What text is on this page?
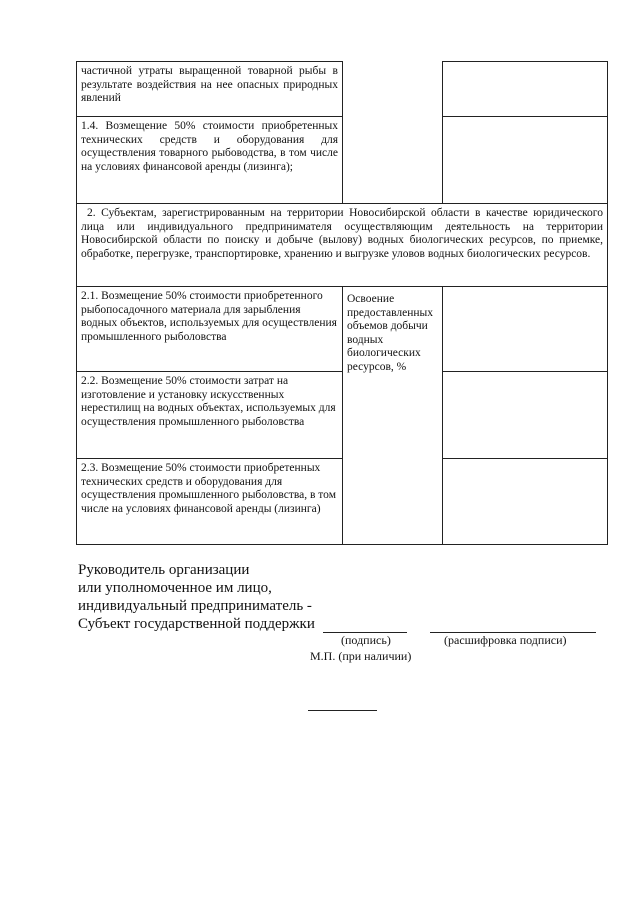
частичной утраты выращенной товарной рыбы в результате воздействия на нее опасных природных явлений		
1.4. Возмещение 50% стоимости приобретенных технических средств и оборудования для осуществления товарного рыбоводства, в том числе на условиях финансовой аренды (лизинга);		
2. Субъектам, зарегистрированным на территории Новосибирской области в качестве юридического лица или индивидуального предпринимателя осуществляющим деятельность на территории Новосибирской области по поиску и добыче (вылову) водных биологических ресурсов, по приемке, обработке, перегрузке, транспортировке, хранению и выгрузке уловов водных биологических ресурсов.		
2.1. Возмещение 50% стоимости приобретенного рыбопосадочного материала для зарыбления водных объектов, используемых для осуществления промышленного рыболовства	Освоение предоставленных объемов добычи водных биологических ресурсов, %	
2.2. Возмещение 50% стоимости затрат на изготовление и установку искусственных нерестилищ на водных объектах, используемых для осуществления промышленного рыболовства		
2.3. Возмещение 50% стоимости приобретенных технических средств и оборудования для осуществления промышленного рыболовства, в том числе на условиях финансовой аренды (лизинга)		
Руководитель организации
или уполномоченное им лицо,
индивидуальный предприниматель -
Субъект государственной поддержки
(подпись)	(расшифровка подписи)
М.П. (при наличии)
